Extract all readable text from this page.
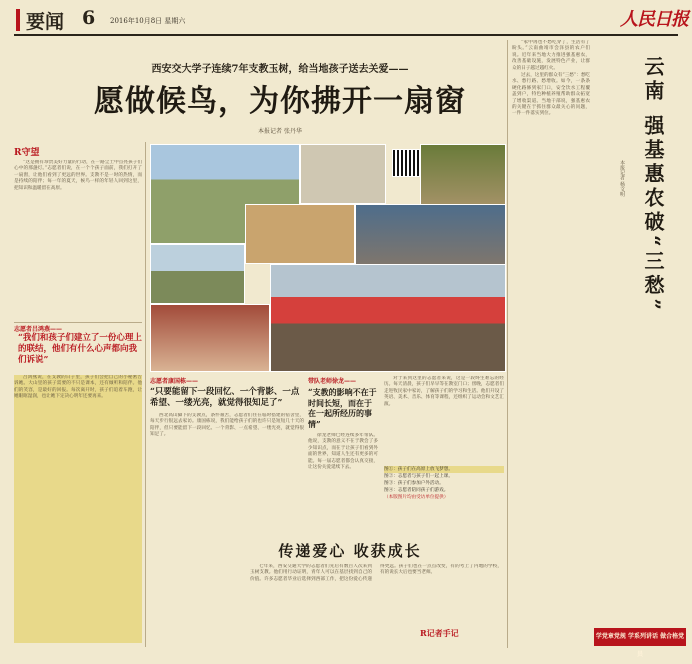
要闻 6 2016年10月8日 星期六	人民日报
西安交大学子连续7年支教玉树，给当地孩子送去关爱——
愿做候鸟，为你拂开一扇窗
本报记者 张丹华
R守望

“这是拥有珍贵美好力量的行动，在一路尘土中点亮孩子们心中的那盏灯。”志愿者们说，在一个个孩子面前，我们打开了一扇窗，让他们看到了更远的世界。支教不是一时的热情，而是持续的陪伴；每一年的夏天，候鸟一样的年轻人回到这里，把知识和温暖留在高原。

志愿者吕鸿燕——
“我们和孩子们建立了一份心理上的联结，他们有什么心声都向我们诉说”

吕鸿燕说，在支教的日子里，孩子们会把自己的小秘密告诉她。大山里的孩子需要的不只是课本，还有倾听和陪伴。他们的笑容，是最好的回报。每次离开时，孩子们追着车跑，让她眼眶湿润，也让她下定决心明年还要再来。

志愿者康国栋——
“只要能留下一段回忆、一个背影、一点希望、一缕光亮，就觉得很知足了”

西北高山脚下的支教点，条件艰苦，志愿者们住在临时搭建的宿舍里，每天步行很远去家访。康国栋说，我们能给孩子们的也许只是短短几十天的陪伴，但只要能留下一段回忆、一个背影、一点希望、一缕光亮，就觉得很知足了。

带队老师徐龙——
“支教的影响不在于时间长短，而在于在一起所经历的事情”

徐龙老师已经连续多年带队。他说，支教的意义不在于教会了多少知识点，而在于让孩子们看到外面的世界，知道人生还有更多的可能。每一届志愿者都会认真交接，让这份关爱延续下去。

对于来到这里的志愿者来说，这是一段终生难忘的经历。每天清晨，孩子们早早等在教室门口；傍晚，志愿者们走进牧民家中家访，了解孩子们的学习和生活。他们开设了英语、美术、音乐、体育等课程，还组织了运动会和文艺汇演。

图①：孩子们在高原上放飞梦想。
图②：志愿者与孩子们一起上课。
图③：孩子们参加户外活动。
图④：志愿者陪同孩子们游戏。
（本版图片均由受访单位提供）
传递爱心 收获成长

七年来，西安交通大学的志愿者们先后有数百人次来到玉树支教。他们用行动证明，青年人可以在基层找到自己的价值。许多志愿者毕业后选择到西部工作，把这份爱心传递得更远。孩子们也在一点点改变，有的考上了内地的学校，有的说长大后也要当老师。

R记者手记

“家中再也不愁吃穿了，生活有了盼头。”云南曲靖市会泽县的农户们说。近年来当地大力推进强基惠农，改善基础设施，发展特色产业，让群众的日子越过越红火。

过去，这里的群众有“三愁”：愁吃水、愁行路、愁增收。如今，一条条硬化路修到家门口，安全饮水工程覆盖到户，特色种植养殖帮助群众拓宽了增收渠道。当地干部说，强基惠农的关键在于抓住群众最关心的问题，一件一件落实到位。	云南 强基惠农破“三愁”
本报记者 杨文明
学党章党规 学系列讲话 做合格党员
